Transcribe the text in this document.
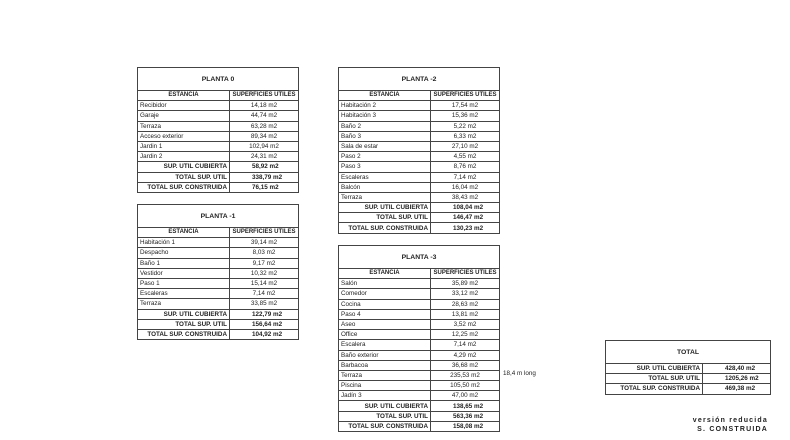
PLANTA 0	
ESTANCIA	SUPERFICIES UTILES
Recibidor	14,18 m2
Garaje	44,74 m2
Terraza	63,28 m2
Acceso exterior	89,34 m2
Jardin 1	102,94 m2
Jardin 2	24,31 m2
SUP. UTIL CUBIERTA	58,92 m2
TOTAL SUP. UTIL	338,79 m2
TOTAL SUP. CONSTRUIDA	76,15 m2
PLANTA -1	
ESTANCIA	SUPERFICIES UTILES
Habitación 1	39,14 m2
Despacho	8,03 m2
Baño 1	9,17 m2
Vestidor	10,32 m2
Paso 1	15,14 m2
Escaleras	7,14 m2
Terraza	33,85 m2
SUP. UTIL CUBIERTA	122,79 m2
TOTAL SUP. UTIL	156,64 m2
TOTAL SUP. CONSTRUIDA	104,92 m2
PLANTA -2	
ESTANCIA	SUPERFICIES UTILES
Habitación 2	17,54 m2
Habitación 3	15,36 m2
Baño 2	5,22 m2
Baño 3	6,33 m2
Sala de estar	27,10 m2
Paso 2	4,55 m2
Paso 3	8,76 m2
Escaleras	7,14 m2
Balcón	16,04 m2
Terraza	38,43 m2
SUP. UTIL CUBIERTA	108,04 m2
TOTAL SUP. UTIL	146,47 m2
TOTAL SUP. CONSTRUIDA	130,23 m2
PLANTA -3	
ESTANCIA	SUPERFICIES UTILES
Salón	35,89 m2
Comedor	33,12 m2
Cocina	28,63 m2
Paso 4	13,81 m2
Aseo	3,52 m2
Office	12,25 m2
Escalera	7,14 m2
Baño exterior	4,29 m2
Barbacoa	36,68 m2
Terraza	235,53 m2
Piscina	105,50 m2
Jadín 3	47,00 m2
SUP. UTIL CUBIERTA	138,65 m2
TOTAL SUP. UTIL	563,36 m2
TOTAL SUP. CONSTRUIDA	158,08 m2
TOTAL	
SUP. UTIL CUBIERTA	428,40 m2
TOTAL SUP. UTIL	1205,26 m2
TOTAL SUP. CONSTRUIDA	469,38 m2
18,4 m long
versión reducida
S. CONSTRUIDA
